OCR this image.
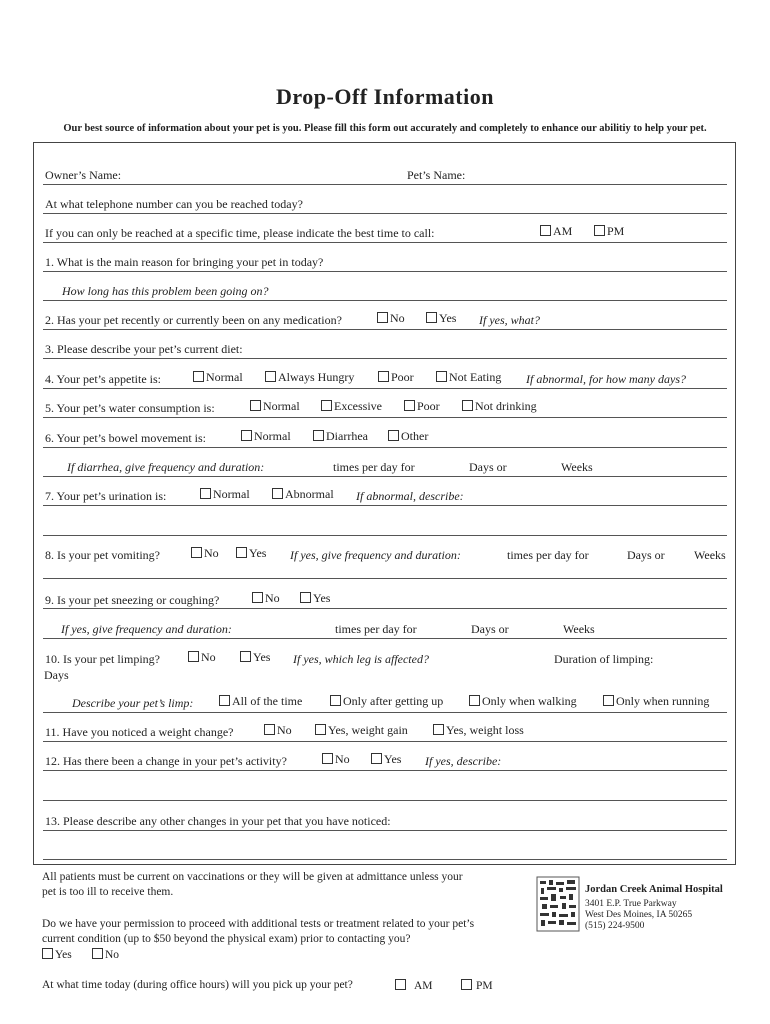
Drop-Off Information
Our best source of information about your pet is you. Please fill this form out accurately and completely to enhance our abilitiy to help your pet.
Owner’s Name:	Pet’s Name:
At what telephone number can you be reached today?
If you can only be reached at a specific time, please indicate the best time to call:	AM	PM
1. What is the main reason for bringing your pet in today?
How long has this problem been going on?
2. Has your pet recently or currently been on any medication?	No	Yes If yes, what?
3. Please describe your pet’s current diet:
4. Your pet’s appetite is:	Normal	Always Hungry	Poor	Not Eating If abnormal, for how many days?
5. Your pet’s water consumption is:	Normal	Excessive	Poor	Not drinking
6. Your pet’s bowel movement is:	Normal	Diarrhea	Other
If diarrhea, give frequency and duration:	times per day for	Days or	Weeks
7. Your pet’s urination is:	Normal	Abnormal If abnormal, describe:
8. Is your pet vomiting?	No	Yes If yes, give frequency and duration:	times per day for	Days or Weeks
9. Is your pet sneezing or coughing?	No	Yes
If yes, give frequency and duration:	times per day for	Days or	Weeks
10. Is your pet limping?	No	Yes If yes, which leg is affected?	Duration of limping:
Days
Describe your pet’s limp:	All of the time	Only after getting up	Only when walking	Only when running
11. Have you noticed a weight change?	No	Yes, weight gain	Yes, weight loss
12. Has there been a change in your pet’s activity?	No	Yes If yes, describe:
13. Please describe any other changes in your pet that you have noticed:
All patients must be current on vaccinations or they will be given at admittance unless your
pet is too ill to receive them.
Do we have your permission to proceed with additional tests or treatment related to your pet’s
current condition (up to $50 beyond the physical exam) prior to contacting you?
Yes	No
At what time today (during office hours) will you pick up your pet?	AM	PM
Jordan Creek Animal Hospital
3401 E.P. True Parkway
West Des Moines, IA 50265
(515) 224-9500
